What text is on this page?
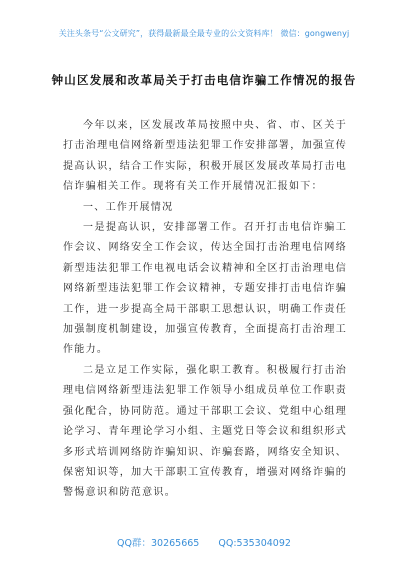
关注头条号“公文研究”，获得最新最全最专业的公文资料库！ 微信：gongwenyj
钟山区发展和改革局关于打击电信诈骗工作情况的报告

今年以来，区发展改革局按照中央、省、市、区关于打击治理电信网络新型违法犯罪工作安排部署，加强宣传提高认识，结合工作实际，积极开展区发展改革局打击电信诈骗相关工作。现将有关工作开展情况汇报如下：

一、工作开展情况

一是提高认识，安排部署工作。召开打击电信诈骗工作会议、网络安全工作会议，传达全国打击治理电信网络新型违法犯罪工作电视电话会议精神和全区打击治理电信网络新型违法犯罪工作会议精神，专题安排打击电信诈骗工作，进一步提高全局干部职工思想认识，明确工作责任加强制度机制建设，加强宣传教育，全面提高打击治理工作能力。

二是立足工作实际，强化职工教育。积极履行打击治理电信网络新型违法犯罪工作领导小组成员单位工作职责强化配合，协同防范。通过干部职工会议、党组中心组理论学习、青年理论学习小组、主题党日等会议和组织形式多形式培训网络防诈骗知识、诈骗套路，网络安全知识、保密知识等，加大干部职工宣传教育，增强对网络诈骗的警惕意识和防范意识。

QQ群：30265665 QQ:535304092
